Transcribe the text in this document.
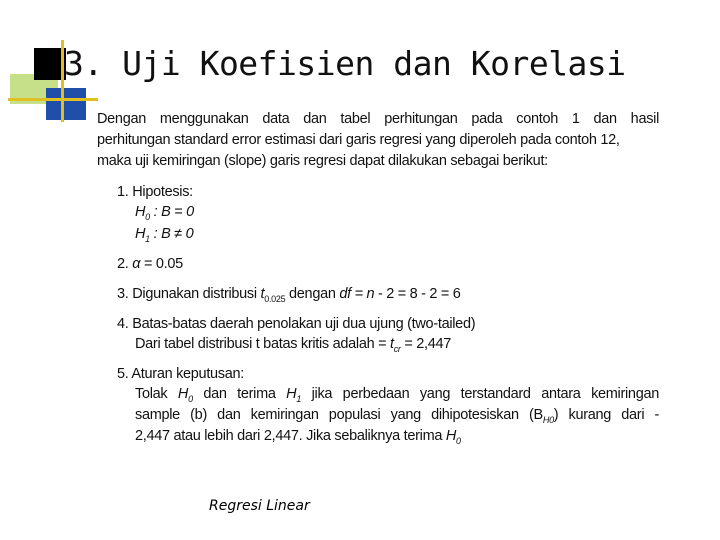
3. Uji Koefisien dan Korelasi
Dengan menggunakan data dan tabel perhitungan pada contoh 1 dan hasil
perhitungan standard error estimasi dari garis regresi yang diperoleh pada contoh 12,
maka uji kemiringan (slope) garis regresi dapat dilakukan sebagai berikut:
1. Hipotesis:
$H_0$ : B = 0
$H_1$ : B ≠ 0
2. α = 0.05
3. Digunakan distribusi $t_{0.025}$ dengan df = n - 2 = 8 - 2 = 6
4. Batas-batas daerah penolakan uji dua ujung (two-tailed)
Dari tabel distribusi t batas kritis adalah = $t_{cr} = 2,447$
5. Aturan keputusan:
Tolak $H_0$ dan terima $H_1$ jika perbedaan yang terstandard antara kemiringan
sample (b) dan kemiringan populasi yang dihipotesiskan $(B_{H0})$ kurang dari -
2,447 atau lebih dari 2,447. Jika sebaliknya terima $H_0$
Regresi Linear
